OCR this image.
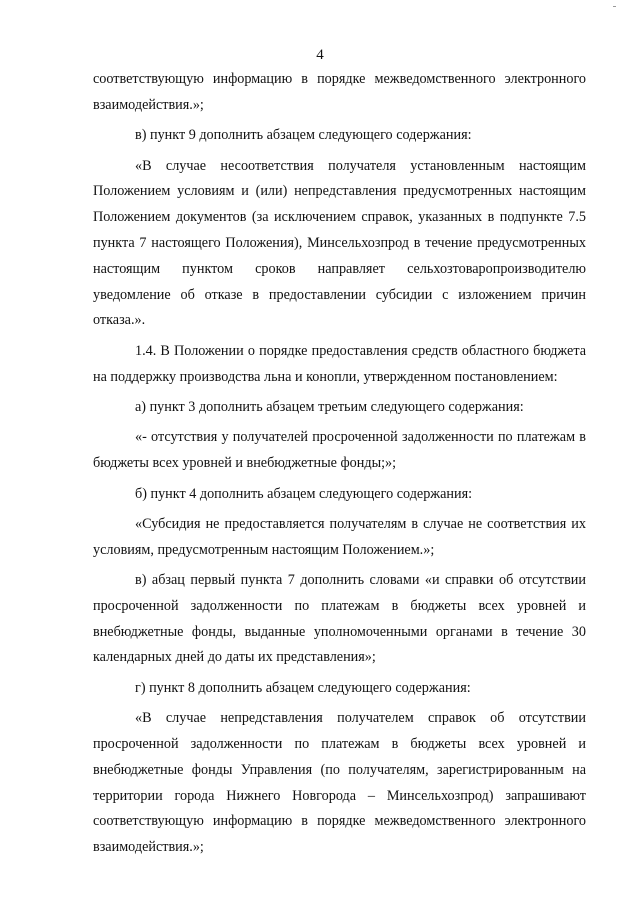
4

соответствующую информацию в порядке межведомственного электронного взаимодействия.»;

в) пункт 9 дополнить абзацем следующего содержания:

«В случае несоответствия получателя установленным настоящим Положением условиям и (или) непредставления предусмотренных настоящим Положением документов (за исключением справок, указанных в подпункте 7.5 пункта 7 настоящего Положения), Минсельхозпрод в течение предусмотренных настоящим пунктом сроков направляет сельхозтоваропроизводителю уведомление об отказе в предоставлении субсидии с изложением причин отказа.».

1.4. В Положении о порядке предоставления средств областного бюджета на поддержку производства льна и конопли, утвержденном постановлением:

а) пункт 3 дополнить абзацем третьим следующего содержания:

«- отсутствия у получателей просроченной задолженности по платежам в бюджеты всех уровней и внебюджетные фонды;»;

б) пункт 4 дополнить абзацем следующего содержания:

«Субсидия не предоставляется получателям в случае не соответствия их условиям, предусмотренным настоящим Положением.»;

в) абзац первый пункта 7 дополнить словами «и справки об отсутствии просроченной задолженности по платежам в бюджеты всех уровней и внебюджетные фонды, выданные уполномоченными органами в течение 30 календарных дней до даты их представления»;

г) пункт 8 дополнить абзацем следующего содержания:

«В случае непредставления получателем справок об отсутствии просроченной задолженности по платежам в бюджеты всех уровней и внебюджетные фонды Управления (по получателям, зарегистрированным на территории города Нижнего Новгорода – Минсельхозпрод) запрашивают соответствующую информацию в порядке межведомственного электронного взаимодействия.»;
